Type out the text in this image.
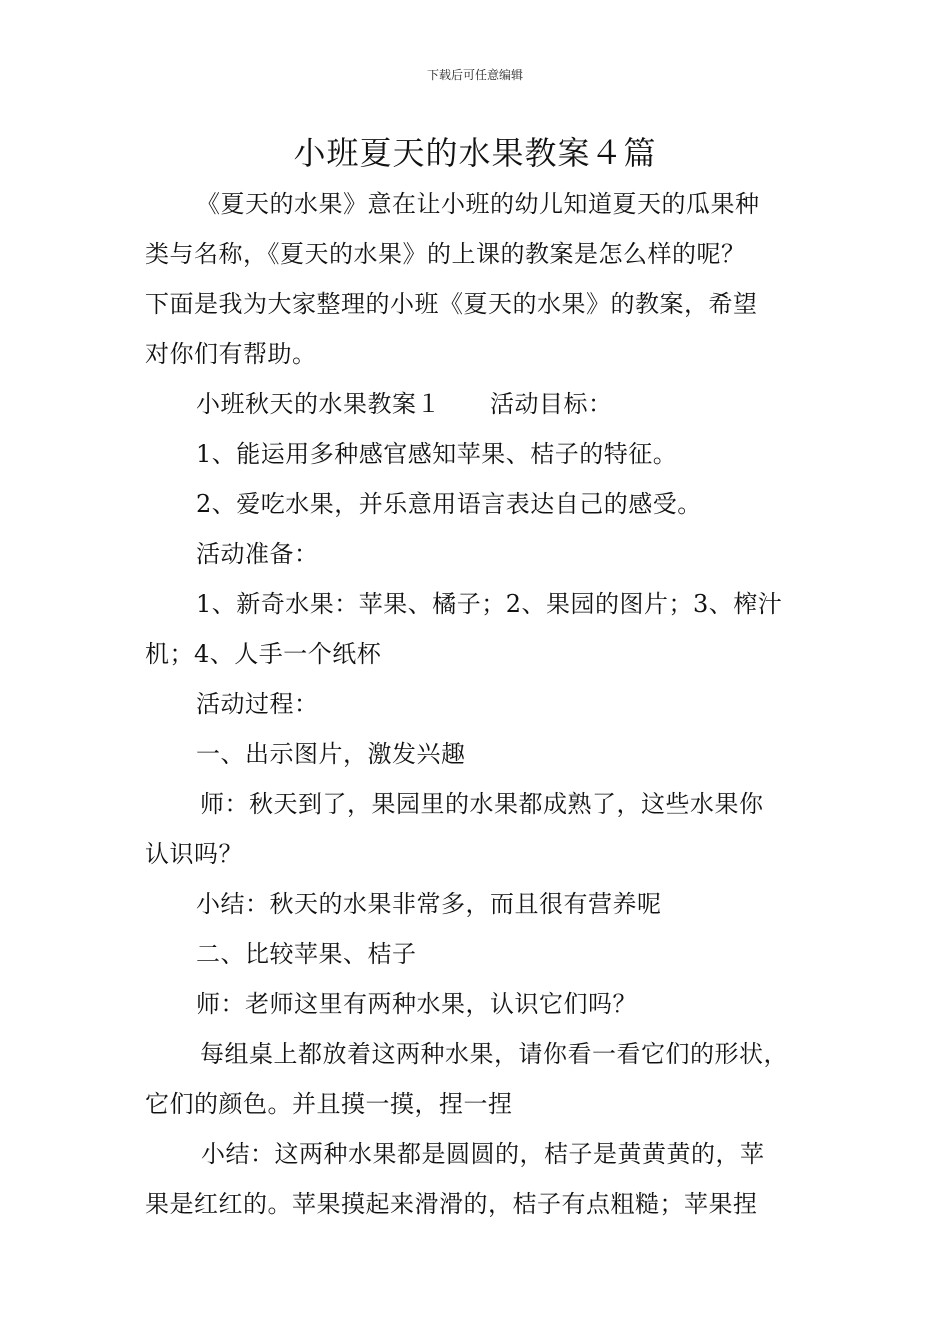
下载后可任意编辑
小班夏天的水果教案４篇
《夏天的水果》意在让小班的幼儿知道夏天的瓜果种
类与名称，《夏天的水果》的上课的教案是怎么样的呢？
下面是我为大家整理的小班《夏天的水果》的教案，希望
对你们有帮助。
小班秋天的水果教案１　　活动目标：
1、能运用多种感官感知苹果、桔子的特征。
2、爱吃水果，并乐意用语言表达自己的感受。
活动准备：
1、新奇水果：苹果、橘子；2、果园的图片；3、榨汁
机；4、人手一个纸杯
活动过程：
一、出示图片，激发兴趣
师：秋天到了，果园里的水果都成熟了，这些水果你
认识吗？
小结：秋天的水果非常多，而且很有营养呢
二、比较苹果、桔子
师：老师这里有两种水果，认识它们吗？
每组桌上都放着这两种水果，请你看一看它们的形状，
它们的颜色。并且摸一摸，捏一捏
小结：这两种水果都是圆圆的，桔子是黄黄黄的，苹
果是红红的。苹果摸起来滑滑的，桔子有点粗糙；苹果捏
